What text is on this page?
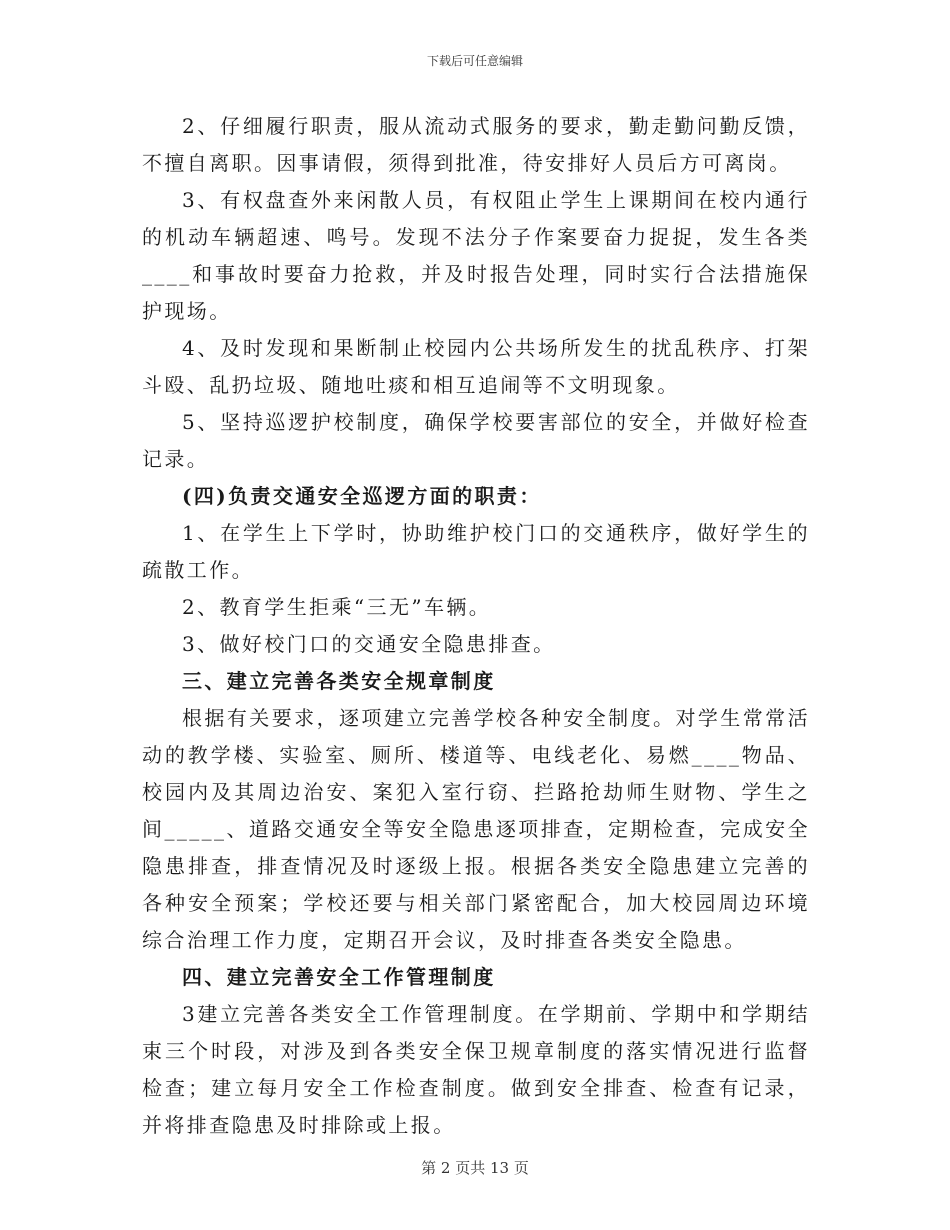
下载后可任意编辑

2、仔细履行职责，服从流动式服务的要求，勤走勤问勤反馈，不擅自离职。因事请假，须得到批准，待安排好人员后方可离岗。

3、有权盘查外来闲散人员，有权阻止学生上课期间在校内通行的机动车辆超速、鸣号。发现不法分子作案要奋力捉捉，发生各类____和事故时要奋力抢救，并及时报告处理，同时实行合法措施保护现场。

4、及时发现和果断制止校园内公共场所发生的扰乱秩序、打架斗殴、乱扔垃圾、随地吐痰和相互追闹等不文明现象。

5、坚持巡逻护校制度，确保学校要害部位的安全，并做好检查记录。

(四)负责交通安全巡逻方面的职责：

1、在学生上下学时，协助维护校门口的交通秩序，做好学生的疏散工作。

2、教育学生拒乘“三无”车辆。

3、做好校门口的交通安全隐患排查。

三、建立完善各类安全规章制度

根据有关要求，逐项建立完善学校各种安全制度。对学生常常活动的教学楼、实验室、厕所、楼道等、电线老化、易燃____物品、校园内及其周边治安、案犯入室行窃、拦路抢劫师生财物、学生之间_____、道路交通安全等安全隐患逐项排查，定期检查，完成安全隐患排查，排查情况及时逐级上报。根据各类安全隐患建立完善的各种安全预案；学校还要与相关部门紧密配合，加大校园周边环境综合治理工作力度，定期召开会议，及时排查各类安全隐患。

四、建立完善安全工作管理制度

3建立完善各类安全工作管理制度。在学期前、学期中和学期结束三个时段，对涉及到各类安全保卫规章制度的落实情况进行监督检查；建立每月安全工作检查制度。做到安全排查、检查有记录，并将排查隐患及时排除或上报。

第 2 页共 13 页
